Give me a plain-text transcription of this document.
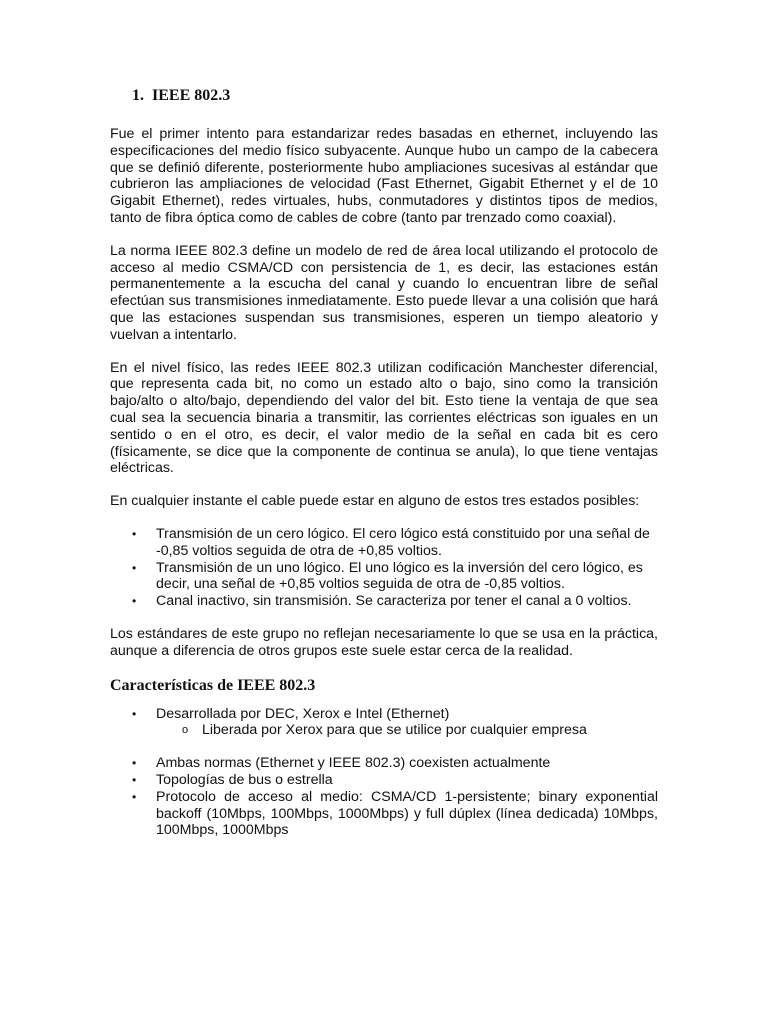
1. IEEE 802.3

Fue el primer intento para estandarizar redes basadas en ethernet, incluyendo las especificaciones del medio físico subyacente. Aunque hubo un campo de la cabecera que se definió diferente, posteriormente hubo ampliaciones sucesivas al estándar que cubrieron las ampliaciones de velocidad (Fast Ethernet, Gigabit Ethernet y el de 10 Gigabit Ethernet), redes virtuales, hubs, conmutadores y distintos tipos de medios, tanto de fibra óptica como de cables de cobre (tanto par trenzado como coaxial).

La norma IEEE 802.3 define un modelo de red de área local utilizando el protocolo de acceso al medio CSMA/CD con persistencia de 1, es decir, las estaciones están permanentemente a la escucha del canal y cuando lo encuentran libre de señal efectúan sus transmisiones inmediatamente. Esto puede llevar a una colisión que hará que las estaciones suspendan sus transmisiones, esperen un tiempo aleatorio y vuelvan a intentarlo.

En el nivel físico, las redes IEEE 802.3 utilizan codificación Manchester diferencial, que representa cada bit, no como un estado alto o bajo, sino como la transición bajo/alto o alto/bajo, dependiendo del valor del bit. Esto tiene la ventaja de que sea cual sea la secuencia binaria a transmitir, las corrientes eléctricas son iguales en un sentido o en el otro, es decir, el valor medio de la señal en cada bit es cero (físicamente, se dice que la componente de continua se anula), lo que tiene ventajas eléctricas.

En cualquier instante el cable puede estar en alguno de estos tres estados posibles:

• Transmisión de un cero lógico. El cero lógico está constituido por una señal de -0,85 voltios seguida de otra de +0,85 voltios.
• Transmisión de un uno lógico. El uno lógico es la inversión del cero lógico, es decir, una señal de +0,85 voltios seguida de otra de -0,85 voltios.
• Canal inactivo, sin transmisión. Se caracteriza por tener el canal a 0 voltios.

Los estándares de este grupo no reflejan necesariamente lo que se usa en la práctica, aunque a diferencia de otros grupos este suele estar cerca de la realidad.

Características de IEEE 802.3
• Desarrollada por DEC, Xerox e Intel (Ethernet)
o Liberada por Xerox para que se utilice por cualquier empresa
• Ambas normas (Ethernet y IEEE 802.3) coexisten actualmente
• Topologías de bus o estrella
• Protocolo de acceso al medio: CSMA/CD 1-persistente; binary exponential backoff (10Mbps, 100Mbps, 1000Mbps) y full dúplex (línea dedicada) 10Mbps, 100Mbps, 1000Mbps
